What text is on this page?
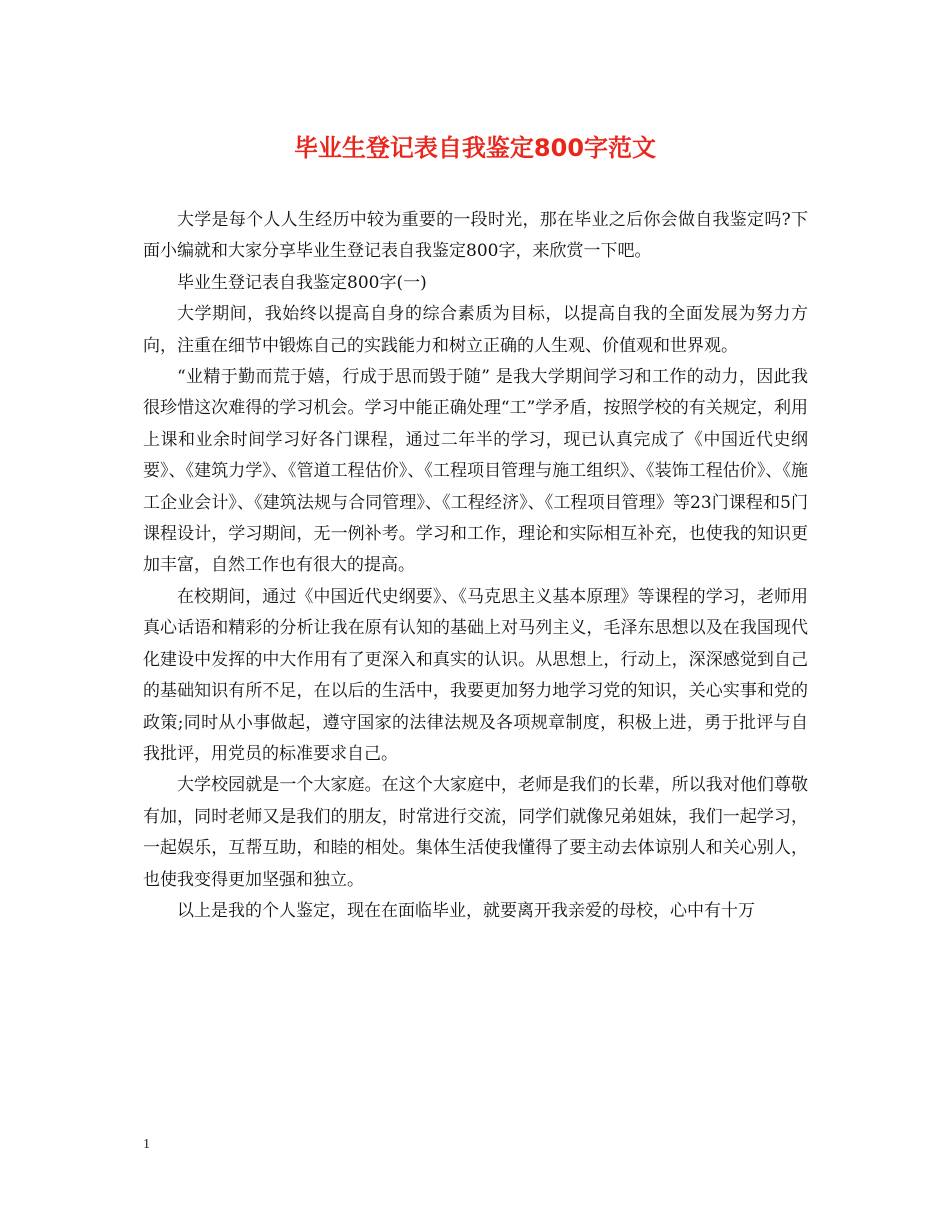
毕业生登记表自我鉴定800字范文

大学是每个人人生经历中较为重要的一段时光，那在毕业之后你会做自我鉴定吗?下面小编就和大家分享毕业生登记表自我鉴定800字，来欣赏一下吧。

毕业生登记表自我鉴定800字(一)

大学期间，我始终以提高自身的综合素质为目标，以提高自我的全面发展为努力方向，注重在细节中锻炼自己的实践能力和树立正确的人生观、价值观和世界观。

“业精于勤而荒于嬉，行成于思而毁于随” 是我大学期间学习和工作的动力，因此我很珍惜这次难得的学习机会。学习中能正确处理“工”学矛盾，按照学校的有关规定，利用上课和业余时间学习好各门课程，通过二年半的学习，现已认真完成了《中国近代史纲要》、《建筑力学》、《管道工程估价》、《工程项目管理与施工组织》、《装饰工程估价》、《施工企业会计》、《建筑法规与合同管理》、《工程经济》、《工程项目管理》等23门课程和5门课程设计，学习期间，无一例补考。学习和工作，理论和实际相互补充，也使我的知识更加丰富，自然工作也有很大的提高。

在校期间，通过《中国近代史纲要》、《马克思主义基本原理》等课程的学习，老师用真心话语和精彩的分析让我在原有认知的基础上对马列主义，毛泽东思想以及在我国现代化建设中发挥的中大作用有了更深入和真实的认识。从思想上，行动上，深深感觉到自己的基础知识有所不足，在以后的生活中，我要更加努力地学习党的知识，关心实事和党的政策;同时从小事做起，遵守国家的法律法规及各项规章制度，积极上进，勇于批评与自我批评，用党员的标准要求自己。

大学校园就是一个大家庭。在这个大家庭中，老师是我们的长辈，所以我对他们尊敬有加，同时老师又是我们的朋友，时常进行交流，同学们就像兄弟姐妹，我们一起学习，一起娱乐，互帮互助，和睦的相处。集体生活使我懂得了要主动去体谅别人和关心别人，也使我变得更加坚强和独立。

以上是我的个人鉴定，现在在面临毕业，就要离开我亲爱的母校，心中有十万

1
